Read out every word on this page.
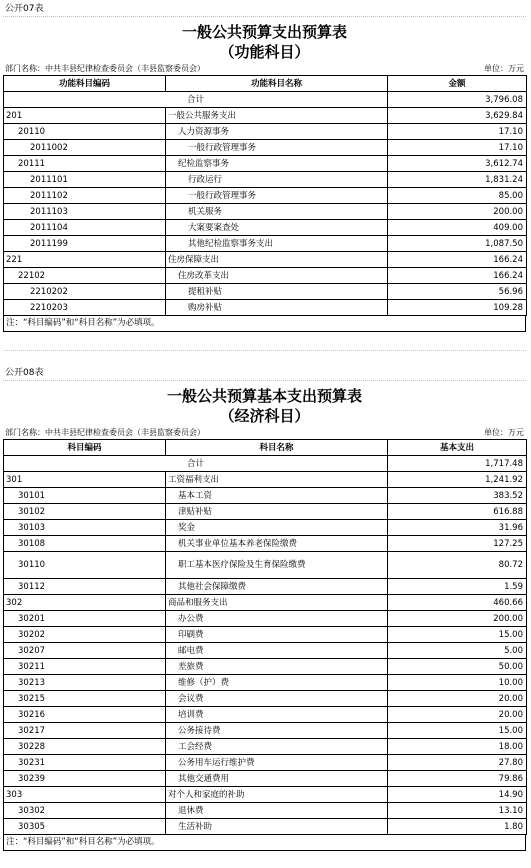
公开07表
一般公共预算支出预算表
（功能科目）
部门名称：中共丰县纪律检查委员会（丰县监察委员会）	单位：万元
功能科目编码	功能科目名称	金额
合计		3,796.08
201	一般公共服务支出	3,629.84
20110	人力资源事务	17.10
2011002	一般行政管理事务	17.10
20111	纪检监察事务	3,612.74
2011101	行政运行	1,831.24
2011102	一般行政管理事务	85.00
2011103	机关服务	200.00
2011104	大案要案查处	409.00
2011199	其他纪检监察事务支出	1,087.50
221	住房保障支出	166.24
22102	住房改革支出	166.24
2210202	提租补贴	56.96
2210203	购房补贴	109.28
注：“科目编码”和“科目名称”为必填项。
公开08表
一般公共预算基本支出预算表
（经济科目）
部门名称：中共丰县纪律检查委员会（丰县监察委员会）	单位：万元
科目编码	科目名称	基本支出
合计		1,717.48
301	工资福利支出	1,241.92
30101	基本工资	383.52
30102	津贴补贴	616.88
30103	奖金	31.96
30108	机关事业单位基本养老保险缴费	127.25
30110	职工基本医疗保险及生育保险缴费	80.72
30112	其他社会保障缴费	1.59
302	商品和服务支出	460.66
30201	办公费	200.00
30202	印刷费	15.00
30207	邮电费	5.00
30211	差旅费	50.00
30213	维修（护）费	10.00
30215	会议费	20.00
30216	培训费	20.00
30217	公务接待费	15.00
30228	工会经费	18.00
30231	公务用车运行维护费	27.80
30239	其他交通费用	79.86
303	对个人和家庭的补助	14.90
30302	退休费	13.10
30305	生活补助	1.80
注：“科目编码”和“科目名称”为必填项。
